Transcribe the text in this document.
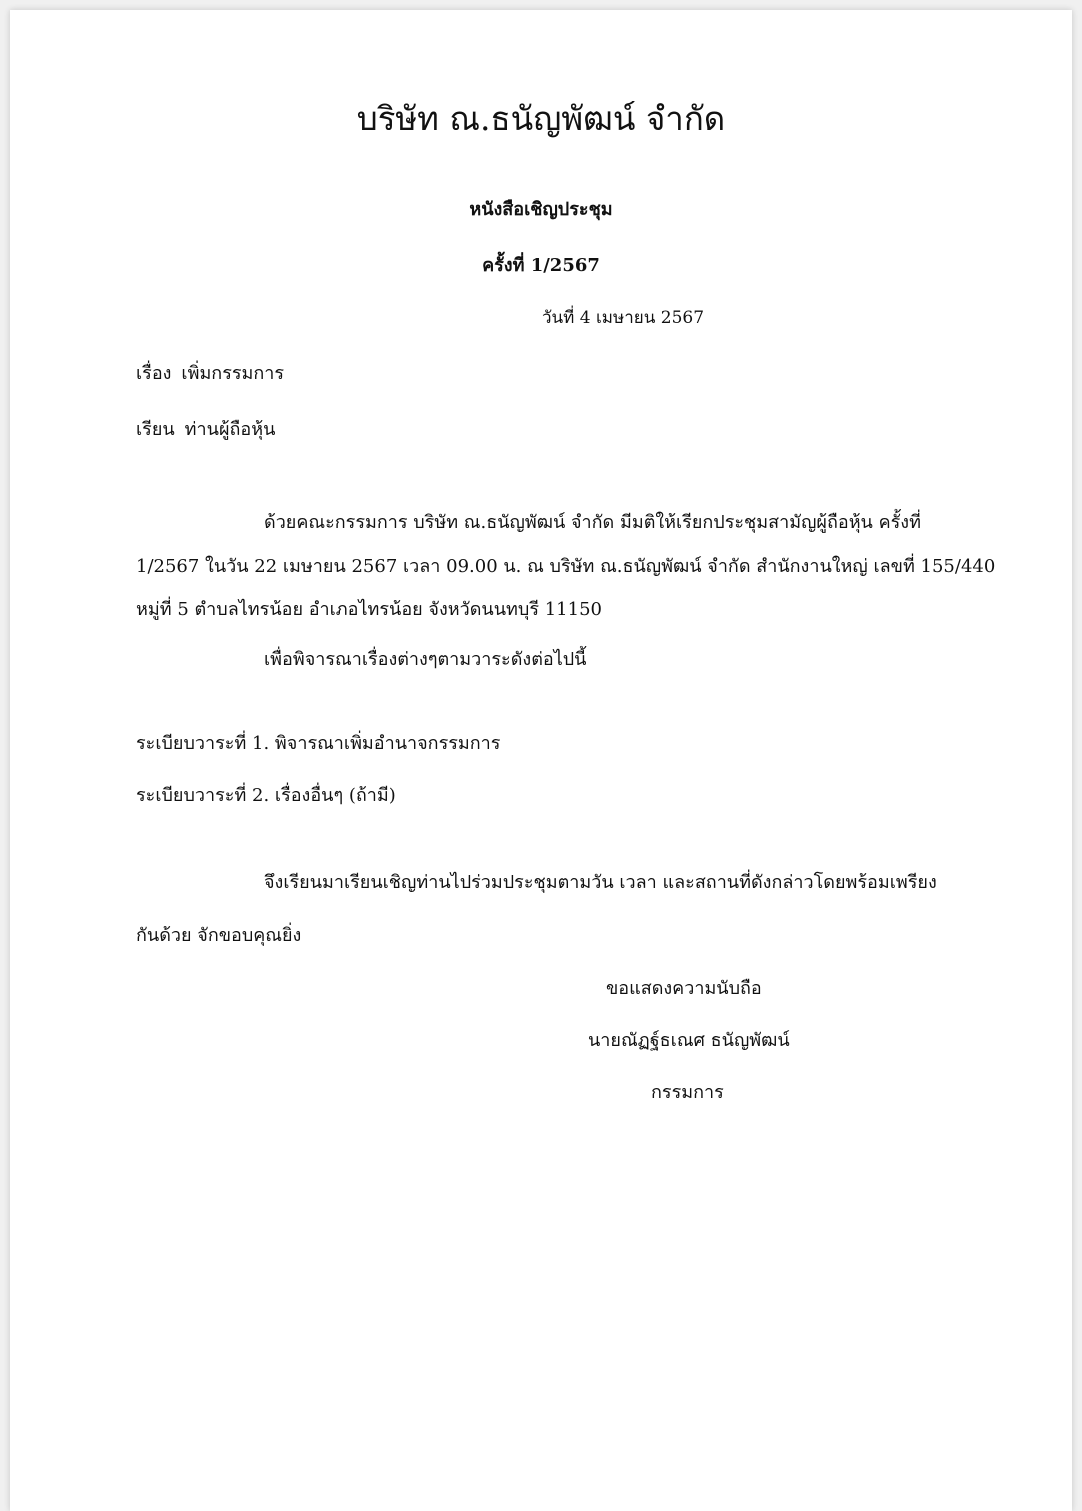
บริษัท ณ.ธนัญพัฒน์ จำกัด
หนังสือเชิญประชุม
ครั้งที่ 1/2567
วันที่ 4 เมษายน 2567
เรื่อง เพิ่มกรรมการ
เรียน ท่านผู้ถือหุ้น
ด้วยคณะกรรมการ บริษัท ณ.ธนัญพัฒน์ จำกัด มีมติให้เรียกประชุมสามัญผู้ถือหุ้น ครั้งที่
1/2567 ในวัน 22 เมษายน 2567 เวลา 09.00 น. ณ บริษัท ณ.ธนัญพัฒน์ จำกัด สำนักงานใหญ่ เลขที่ 155/440
หมู่ที่ 5 ตำบลไทรน้อย อำเภอไทรน้อย จังหวัดนนทบุรี 11150
เพื่อพิจารณาเรื่องต่างๆตามวาระดังต่อไปนี้
ระเบียบวาระที่ 1. พิจารณาเพิ่มอำนาจกรรมการ
ระเบียบวาระที่ 2. เรื่องอื่นๆ (ถ้ามี)
จึงเรียนมาเรียนเชิญท่านไปร่วมประชุมตามวัน เวลา และสถานที่ดังกล่าวโดยพร้อมเพรียง
กันด้วย จักขอบคุณยิ่ง
ขอแสดงความนับถือ
นายณัฏฐ์ธเณศ ธนัญพัฒน์
กรรมการ
